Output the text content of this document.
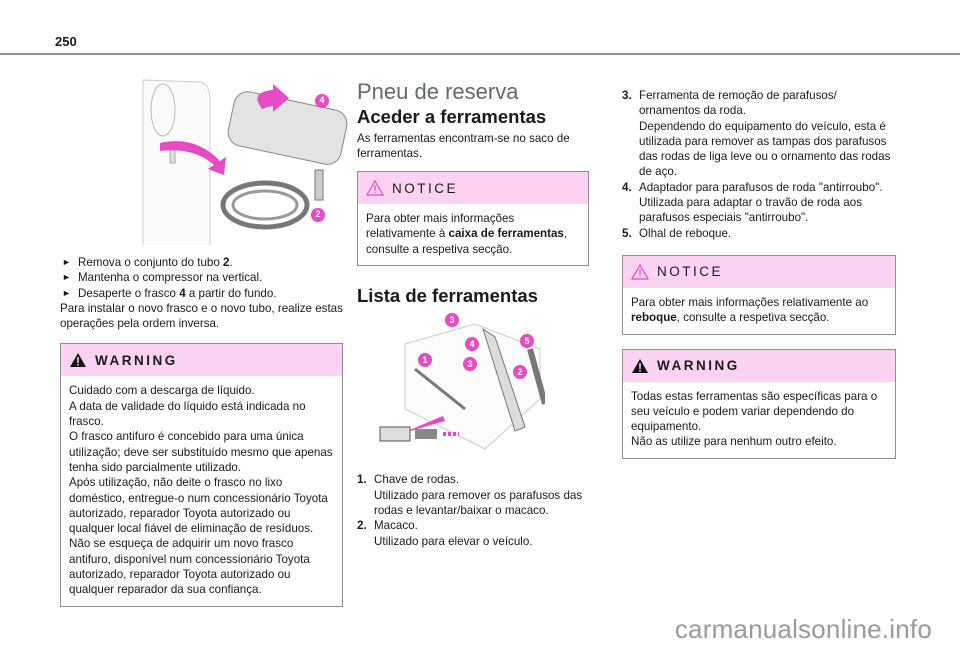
250
4
2
► Remova o conjunto do tubo 2.
► Mantenha o compressor na vertical.
► Desaperte o frasco 4 a partir do fundo.
Para instalar o novo frasco e o novo tubo, realize estas operações pela ordem inversa.
WARNING
Cuidado com a descarga de líquido.
A data de validade do líquido está indicada no frasco.
O frasco antifuro é concebido para uma única utilização; deve ser substituído mesmo que apenas tenha sido parcialmente utilizado.
Após utilização, não deite o frasco no lixo doméstico, entregue-o num concessionário Toyota autorizado, reparador Toyota autorizado ou qualquer local fiável de eliminação de resíduos.
Não se esqueça de adquirir um novo frasco antifuro, disponível num concessionário Toyota autorizado, reparador Toyota autorizado ou qualquer reparador da sua confiança.
Pneu de reserva
Aceder a ferramentas
As ferramentas encontram-se no saco de ferramentas.
NOTICE
Para obter mais informações relativamente à caixa de ferramentas, consulte a respetiva secção.
Lista de ferramentas
3
4
1	3
5
2
1. Chave de rodas.
Utilizado para remover os parafusos das rodas e levantar/baixar o macaco.
2. Macaco.
Utilizado para elevar o veículo.
3. Ferramenta de remoção de parafusos/ ornamentos da roda.
Dependendo do equipamento do veículo, esta é utilizada para remover as tampas dos parafusos das rodas de liga leve ou o ornamento das rodas de aço.
4. Adaptador para parafusos de roda "antirroubo".
Utilizada para adaptar o travão de roda aos parafusos especiais "antirroubo".
5. Olhal de reboque.
NOTICE
Para obter mais informações relativamente ao reboque, consulte a respetiva secção.
WARNING
Todas estas ferramentas são específicas para o seu veículo e podem variar dependendo do equipamento.
Não as utilize para nenhum outro efeito.
carmanualsonline.info
